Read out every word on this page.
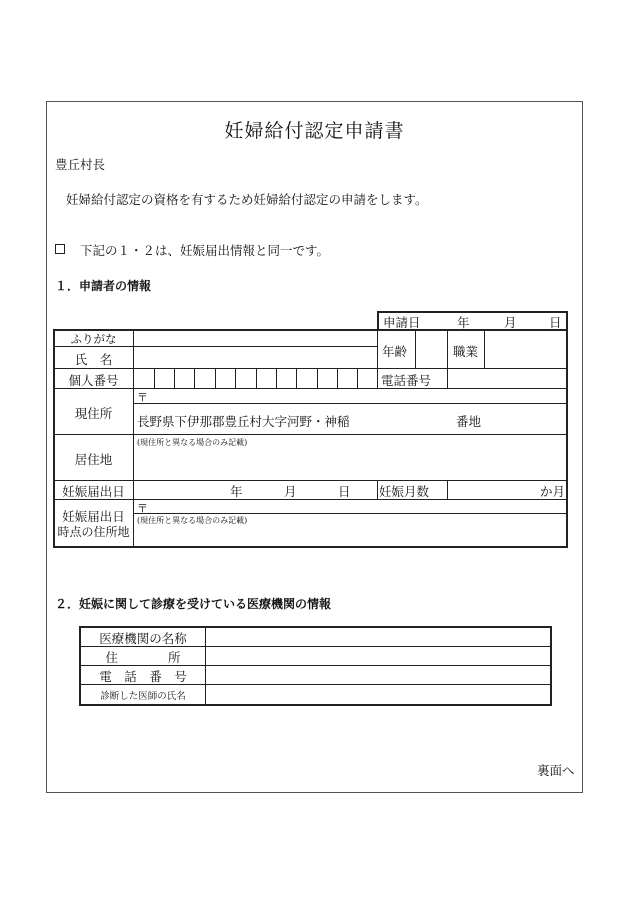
妊婦給付認定申請書
豊丘村長
妊婦給付認定の資格を有するため妊婦給付認定の申請をします。
下記の１・２は、妊娠届出情報と同一です。
１．申請者の情報
申請日	年	月	日
ふりがな
氏　名
年齢	職業
個人番号	電話番号
現住所
〒
長野県下伊那郡豊丘村大字河野・神稲	番地
居住地
(現住所と異なる場合のみ記載)
妊娠届出日	年	月	日 妊娠月数	か月
妊娠届出日
時点の住所地
〒
(現住所と異なる場合のみ記載)
２．妊娠に関して診療を受けている医療機関の情報
医療機関の名称
住　　　　所
電　話　番　号
診断した医師の氏名
裏面へ
